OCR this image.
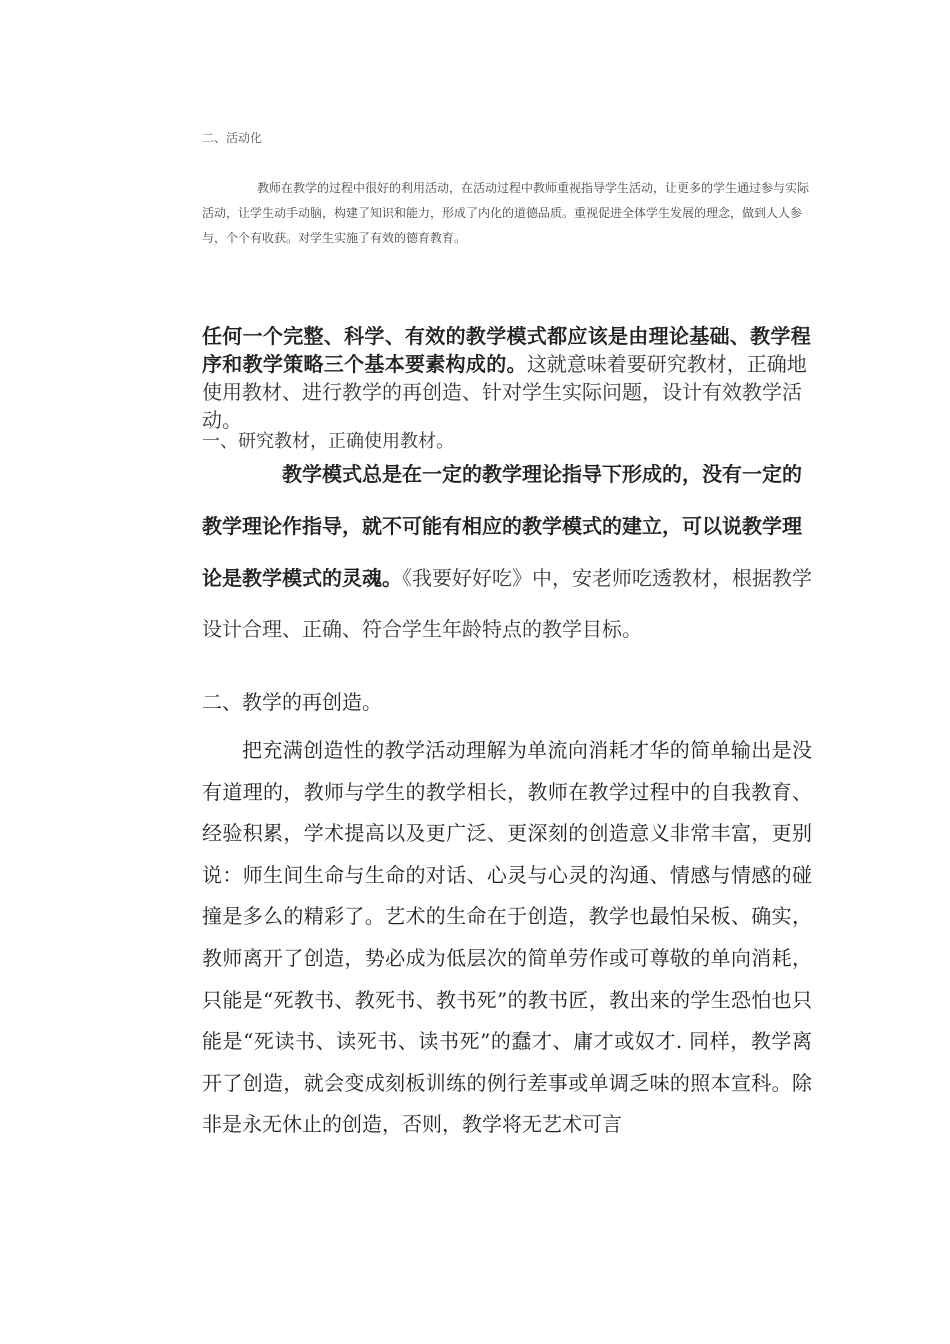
二、活动化

教师在教学的过程中很好的利用活动，在活动过程中教师重视指导学生活动，让更多的学生通过参与实际活动，让学生动手动脑，构建了知识和能力，形成了内化的道德品质。重视促进全体学生发展的理念，做到人人参与，个个有收获。对学生实施了有效的德育教育。

任何一个完整、科学、有效的教学模式都应该是由理论基础、教学程序和教学策略三个基本要素构成的。这就意味着要研究教材，正确地使用教材、进行教学的再创造、针对学生实际问题，设计有效教学活动。

一、研究教材，正确使用教材。

教学模式总是在一定的教学理论指导下形成的，没有一定的教学理论作指导，就不可能有相应的教学模式的建立，可以说教学理论是教学模式的灵魂。《我要好好吃》中，安老师吃透教材，根据教学设计合理、正确、符合学生年龄特点的教学目标。

二、教学的再创造。

把充满创造性的教学活动理解为单流向消耗才华的简单输出是没有道理的，教师与学生的教学相长，教师在教学过程中的自我教育、经验积累，学术提高以及更广泛、更深刻的创造意义非常丰富，更别说：师生间生命与生命的对话、心灵与心灵的沟通、情感与情感的碰撞是多么的精彩了。艺术的生命在于创造，教学也最怕呆板、确实，教师离开了创造，势必成为低层次的简单劳作或可尊敬的单向消耗，只能是“死教书、教死书、教书死”的教书匠，教出来的学生恐怕也只能是“死读书、读死书、读书死”的蠢才、庸才或奴才. 同样，教学离开了创造，就会变成刻板训练的例行差事或单调乏味的照本宣科。除非是永无休止的创造，否则，教学将无艺术可言
